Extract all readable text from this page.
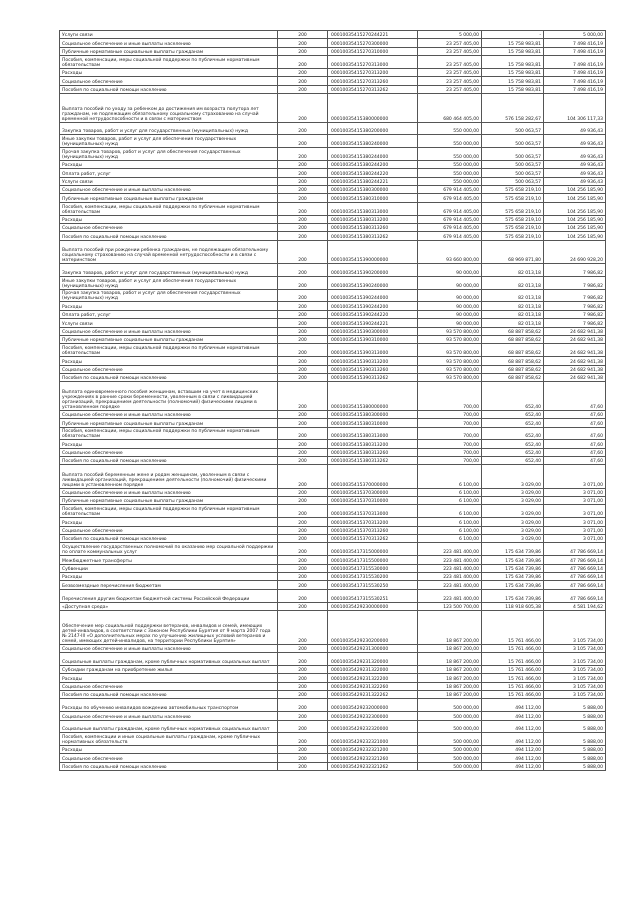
Услуги связи	200	00010035415270244221	5 000,00	-	5 000,00
Социальное обеспечение и иные выплаты населению	200	00010035415270300000	23 257 405,00	15 758 983,81	7 498 416,19
Публичные нормативные социальные выплаты гражданам	200	00010035415270310000	23 257 405,00	15 758 983,81	7 498 416,19
Пособия, компенсации, меры социальной поддержки по публичным нормативным обязательствам	200	00010035415270313000	23 257 405,00	15 758 983,81	7 498 416,19
Расходы	200	00010035415270313200	23 257 405,00	15 758 983,81	7 498 416,19
Социальное обеспечение	200	00010035415270313260	23 257 405,00	15 758 983,81	7 498 416,19
Пособия по социальной помощи населению	200	00010035415270313262	23 257 405,00	15 758 983,81	7 498 416,19
Выплата пособий по уходу за ребенком до достижения им возраста полутора лет гражданам, не подлежащим обязательному социальному страхованию на случай временной нетрудоспособности и в связи с материнством	200	00010035415380000000	680 464 405,00	576 158 282,67	104 306 117,33
Закупка товаров, работ и услуг для государственных (муниципальных) нужд	200	00010035415380200000	550 000,00	500 063,57	49 936,43
Иные закупки товаров, работ и услуг для обеспечения государственных (муниципальных) нужд	200	00010035415380240000	550 000,00	500 063,57	49 936,43
Прочая закупка товаров, работ и услуг для обеспечения государственных (муниципальных) нужд	200	00010035415380244000	550 000,00	500 063,57	49 936,43
Расходы	200	00010035415380244200	550 000,00	500 063,57	49 936,43
Оплата работ, услуг	200	00010035415380244220	550 000,00	500 063,57	49 936,43
Услуги связи	200	00010035415380244221	550 000,00	500 063,57	49 936,43
Социальное обеспечение и иные выплаты населению	200	00010035415380300000	679 914 405,00	575 658 219,10	104 256 185,90
Публичные нормативные социальные выплаты гражданам	200	00010035415380310000	679 914 405,00	575 658 219,10	104 256 185,90
Пособия, компенсации, меры социальной поддержки по публичным нормативным обязательствам	200	00010035415380313000	679 914 405,00	575 658 219,10	104 256 185,90
Расходы	200	00010035415380313200	679 914 405,00	575 658 219,10	104 256 185,90
Социальное обеспечение	200	00010035415380313260	679 914 405,00	575 658 219,10	104 256 185,90
Пособия по социальной помощи населению	200	00010035415380313262	679 914 405,00	575 658 219,10	104 256 185,90
Выплата пособий при рождении ребенка гражданам, не подлежащим обязательному социальному страхованию на случай временной нетрудоспособности и в связи с материнством	200	00010035415390000000	93 660 800,00	68 969 871,80	24 690 928,20
Закупка товаров, работ и услуг для государственных (муниципальных) нужд	200	00010035415390200000	90 000,00	82 013,18	7 986,82
Иные закупки товаров, работ и услуг для обеспечения государственных (муниципальных) нужд	200	00010035415390240000	90 000,00	82 013,18	7 986,82
Прочая закупка товаров, работ и услуг для обеспечения государственных (муниципальных) нужд	200	00010035415390244000	90 000,00	82 013,18	7 986,82
Расходы	200	00010035415390244200	90 000,00	82 013,18	7 986,82
Оплата работ, услуг	200	00010035415390244220	90 000,00	82 013,18	7 986,82
Услуги связи	200	00010035415390244221	90 000,00	82 013,18	7 986,82
Социальное обеспечение и иные выплаты населению	200	00010035415390300000	93 570 800,00	68 887 858,62	24 682 941,38
Публичные нормативные социальные выплаты гражданам	200	00010035415390310000	93 570 800,00	68 887 858,62	24 682 941,38
Пособия, компенсации, меры социальной поддержки по публичным нормативным обязательствам	200	00010035415390313000	93 570 800,00	68 887 858,62	24 682 941,38
Расходы	200	00010035415390313200	93 570 800,00	68 887 858,62	24 682 941,38
Социальное обеспечение	200	00010035415390313260	93 570 800,00	68 887 858,62	24 682 941,38
Пособия по социальной помощи населению	200	00010035415390313262	93 570 800,00	68 887 858,62	24 682 941,38
Выплата единовременного пособия женщинам, вставшим на учет в медицинских учреждениях в ранние сроки беременности, уволенным в связи с ликвидацией организаций, прекращением деятельности (полномочий) физическими лицами в установленном порядке	200	00010035415380000000	700,00	652,40	47,60
Социальное обеспечение и иные выплаты населению	200	00010035415380300000	700,00	652,40	47,60
Публичные нормативные социальные выплаты гражданам	200	00010035415380310000	700,00	652,40	47,60
Пособия, компенсации, меры социальной поддержки по публичным нормативным обязательствам	200	00010035415380313000	700,00	652,40	47,60
Расходы	200	00010035415380313200	700,00	652,40	47,60
Социальное обеспечение	200	00010035415380313260	700,00	652,40	47,60
Пособия по социальной помощи населению	200	00010035415380313262	700,00	652,40	47,60
Выплата пособий беременным жене и родам женщинам, уволенным в связи с ликвидацией организаций, прекращением деятельности (полномочий) физическими лицами в установленном порядке	200	00010035415370000000	6 100,00	3 029,00	3 071,00
Социальное обеспечение и иные выплаты населению	200	00010035415370300000	6 100,00	3 029,00	3 071,00
Публичные нормативные социальные выплаты гражданам	200	00010035415370310000	6 100,00	3 029,00	3 071,00
Пособия, компенсации, меры социальной поддержки по публичным нормативным обязательствам	200	00010035415370313000	6 100,00	3 029,00	3 071,00
Расходы	200	00010035415370313200	6 100,00	3 029,00	3 071,00
Социальное обеспечение	200	00010035415370313260	6 100,00	3 029,00	3 071,00
Пособия по социальной помощи населению	200	00010035415370313262	6 100,00	3 029,00	3 071,00
Осуществление государственных полномочий по оказанию мер социальной поддержки по оплате коммунальных услуг	200	00010035417315000000	223 481 400,00	175 634 739,86	47 786 669,14
Межбюджетные трансферты	200	00010035417315500000	223 481 400,00	175 634 739,86	47 786 669,14
Субвенции	200	00010035417315530000	223 481 400,00	175 634 739,86	47 786 669,14
Расходы	200	00010035417315530200	223 481 400,00	175 634 739,86	47 786 669,14
Безвозмездные перечисления бюджетам	200	00010035417315530250	223 481 400,00	175 634 739,86	47 786 669,14
Перечисления другим бюджетам бюджетной системы Российской Федерации	200	00010035417315530251	223 481 400,00	175 634 739,86	47 786 669,14
«Доступная среда»	200	00010035429230000000	123 500 700,00	118 918 605,38	4 581 194,62
Обеспечение мер социальной поддержки ветеранов, инвалидов и семей, имеющих детей-инвалидов, в соответствии с Законом Республики Бурятия от 9 марта 2007 года № 2147-III «О дополнительных мерах по улучшению жилищных условий ветеранов и семей, имеющих детей-инвалидов, на территории Республики Бурятия»	200	00010035429230200000	18 867 200,00	15 761 466,00	3 105 734,00
Социальное обеспечение и иные выплаты населению	200	00010035429231300000	18 867 200,00	15 761 466,00	3 105 734,00
Социальные выплаты гражданам, кроме публичных нормативных социальных выплат	200	00010035429231320000	18 867 200,00	15 761 466,00	3 105 734,00
Субсидии гражданам на приобретение жилья	200	00010035429231322000	18 867 200,00	15 761 466,00	3 105 734,00
Расходы	200	00010035429231322200	18 867 200,00	15 761 466,00	3 105 734,00
Социальное обеспечение	200	00010035429231322260	18 867 200,00	15 761 466,00	3 105 734,00
Пособия по социальной помощи населению	200	00010035429231322262	18 867 200,00	15 761 466,00	3 105 734,00
Расходы по обучению инвалидов вождению автомобильных транспортом	200	00010035429232000000	500 000,00	494 112,00	5 888,00
Социальное обеспечение и иные выплаты населению	200	00010035429232300000	500 000,00	494 112,00	5 888,00
Социальные выплаты гражданам, кроме публичных нормативных социальных выплат	200	00010035429232320000	500 000,00	494 112,00	5 888,00
Пособия, компенсации и иные социальные выплаты гражданам, кроме публичных нормативных обязательств	200	00010035429232321000	500 000,00	494 112,00	5 888,00
Расходы	200	00010035429232321200	500 000,00	494 112,00	5 888,00
Социальное обеспечение	200	00010035429232321260	500 000,00	494 112,00	5 888,00
Пособия по социальной помощи населению	200	00010035429232321262	500 000,00	494 112,00	5 888,00
